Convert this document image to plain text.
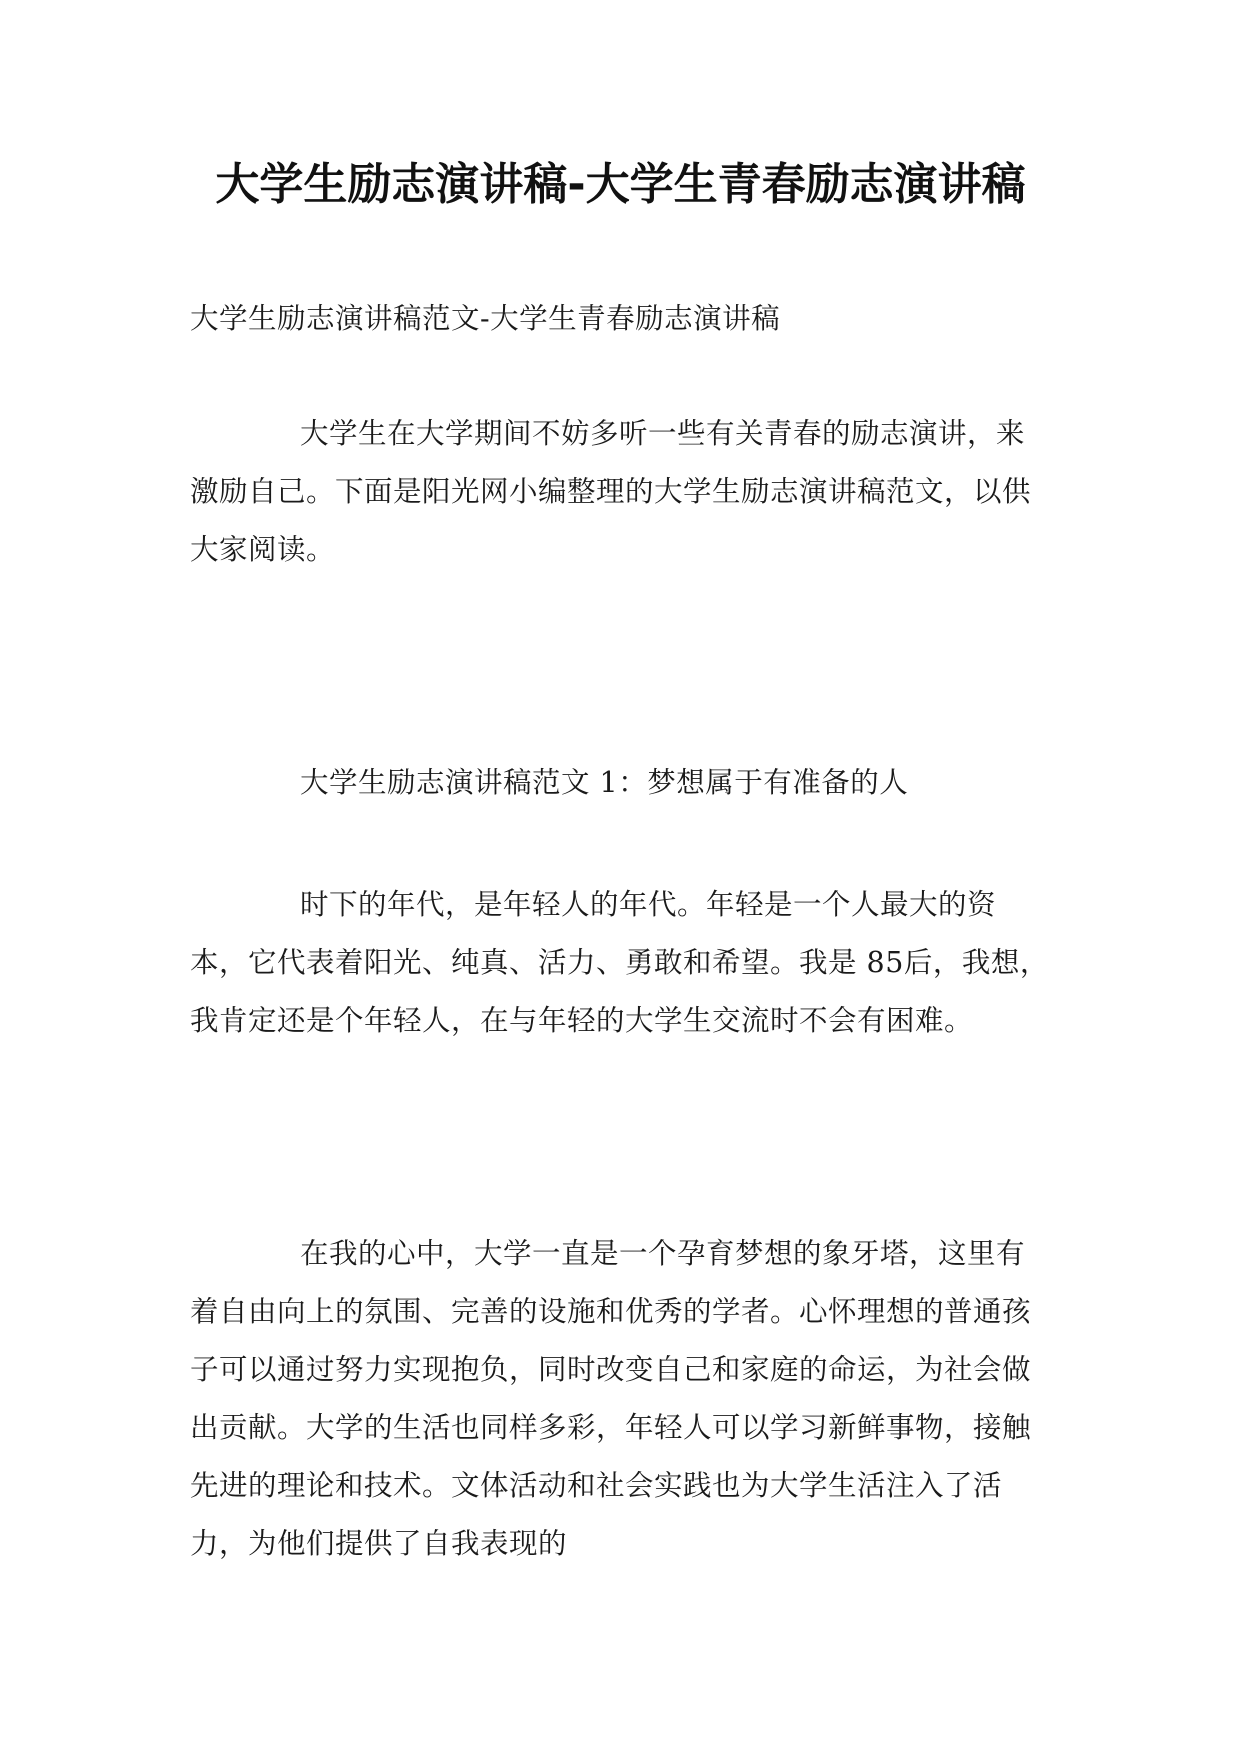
大学生励志演讲稿-大学生青春励志演讲稿

大学生励志演讲稿范文-大学生青春励志演讲稿

大学生在大学期间不妨多听一些有关青春的励志演讲，来激励自己。下面是阳光网小编整理的大学生励志演讲稿范文，以供大家阅读。

大学生励志演讲稿范文 1：梦想属于有准备的人

时下的年代，是年轻人的年代。年轻是一个人最大的资本，它代表着阳光、纯真、活力、勇敢和希望。我是 85后，我想，我肯定还是个年轻人，在与年轻的大学生交流时不会有困难。

在我的心中，大学一直是一个孕育梦想的象牙塔，这里有着自由向上的氛围、完善的设施和优秀的学者。心怀理想的普通孩子可以通过努力实现抱负，同时改变自己和家庭的命运，为社会做出贡献。大学的生活也同样多彩，年轻人可以学习新鲜事物，接触先进的理论和技术。文体活动和社会实践也为大学生活注入了活力，为他们提供了自我表现的
